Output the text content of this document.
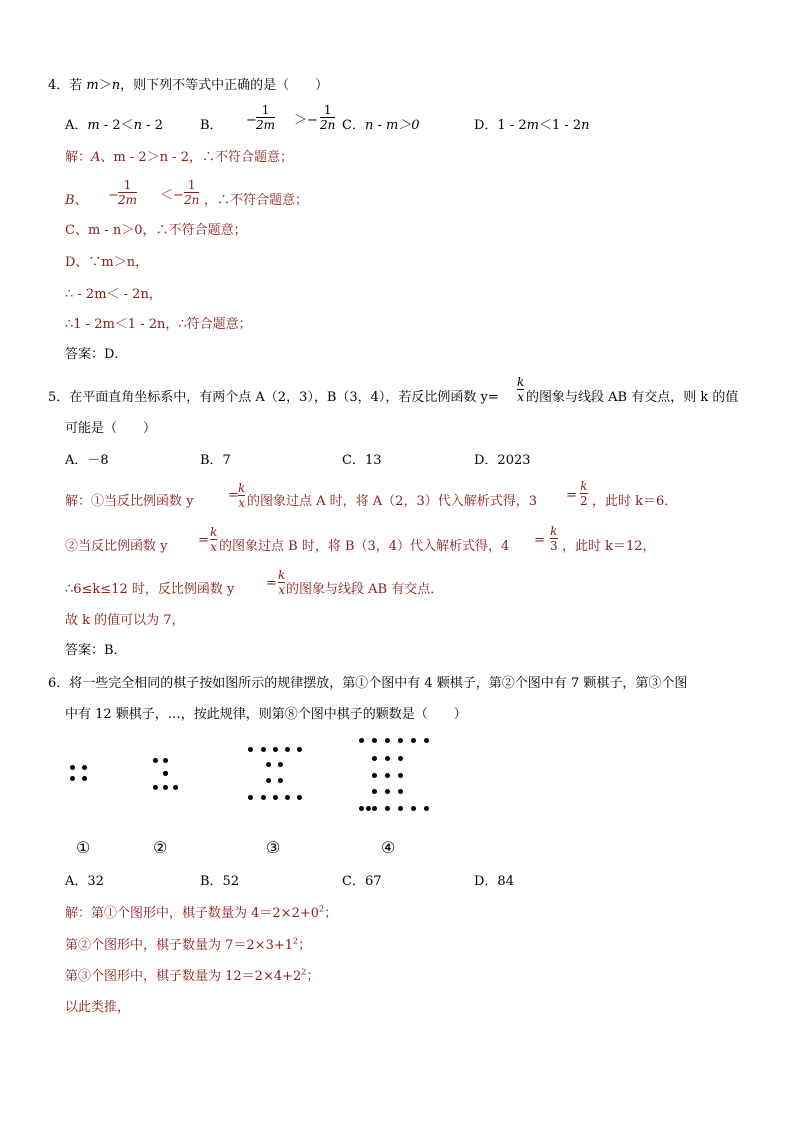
4．若 m＞n，则下列不等式中正确的是（　　）
A．m - 2＜n - 2	B． −
1
2m ＞−
1
2n C．n - m＞0	D．1 - 2m＜1 - 2n
解：A、m - 2＞n - 2，∴不符合题意；
B、 −
1
2m ＜−
1
2n ，∴不符合题意；
C、m - n＞0，∴不符合题意；
D、∵m＞n，
∴ - 2m＜ - 2n，
∴1 - 2m＜1 - 2n，∴符合题意；
答案：D．
5．在平面直角坐标系中，有两个点 A（2，3），B（3，4），若反比例函数 y=
k
x 的图象与线段 AB 有交点，则 k 的值
可能是（　　）
A．－8	B．7	C．13	D．2023
解：①当反比例函数 y	= k
x 的图象过点 A 时，将 A（2，3）代入解析式得，3 =
k
2 ，此时 k＝6．
②当反比例函数 y =
k
x 的图象过点 B 时，将 B（3，4）代入解析式得，4 =
k
3 ，此时 k＝12，
∴6≤k≤12 时，反比例函数 y =
k
x 的图象与线段 AB 有交点．
故 k 的值可以为 7，
答案：B．
6．将一些完全相同的棋子按如图所示的规律摆放，第①个图中有 4 颗棋子，第②个图中有 7 颗棋子，第③个图
中有 12 颗棋子，…，按此规律，则第⑧个图中棋子的颗数是（　　）
①	②	③	④
A．32	B．52	C．67	D．84
解：第①个图形中，棋子数量为 $4=2\times 2+0^2$；
第②个图形中，棋子数量为 $7=2\times 3+1^2$；
第③个图形中，棋子数量为 $12=2\times 4+2^2$；
以此类推，
